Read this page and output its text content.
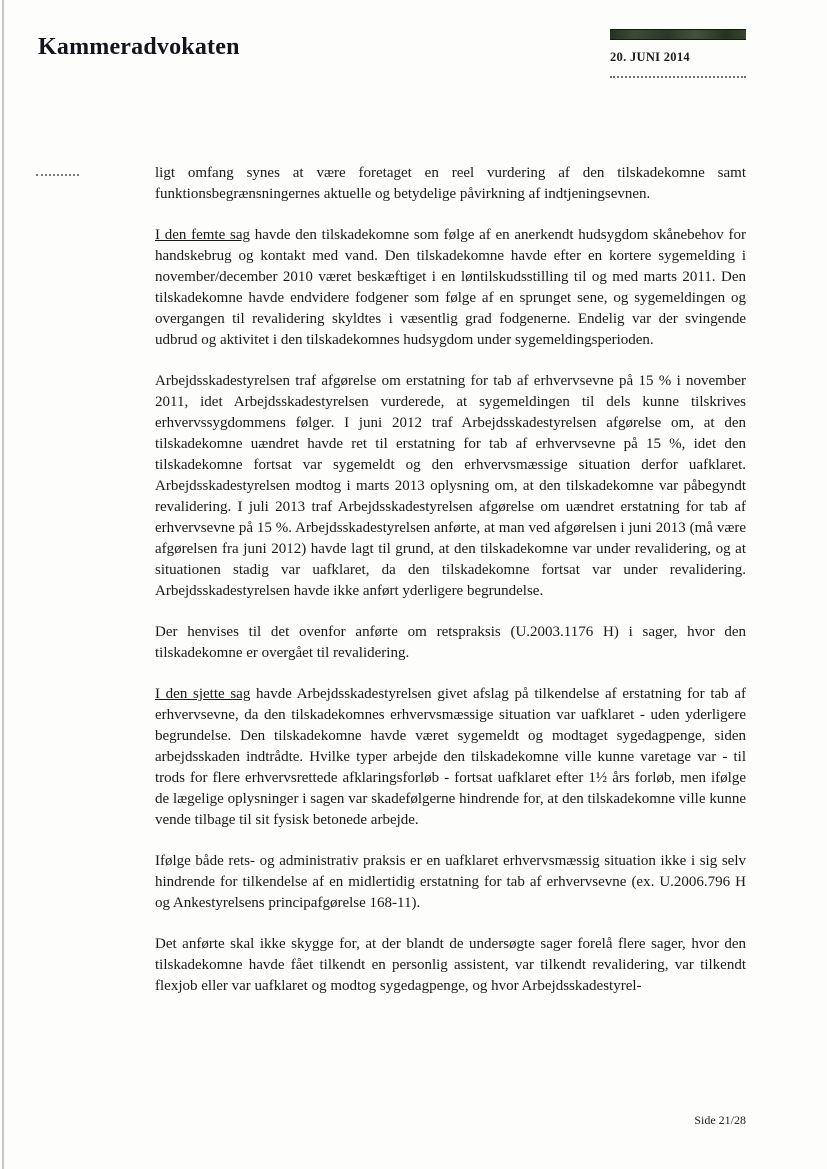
Kammeradvokaten	20. JUNI 2014

ligt omfang synes at være foretaget en reel vurdering af den tilskadekomne samt funktionsbegrænsningernes aktuelle og betydelige påvirkning af indtjeningsevnen.

I den femte sag havde den tilskadekomne som følge af en anerkendt hudsygdom skånebehov for handskebrug og kontakt med vand. Den tilskadekomne havde efter en kortere sygemelding i november/december 2010 været beskæftiget i en løntilskudsstilling til og med marts 2011. Den tilskadekomne havde endvidere fodgener som følge af en sprunget sene, og sygemeldingen og overgangen til revalidering skyldtes i væsentlig grad fodgenerne. Endelig var der svingende udbrud og aktivitet i den tilskadekomnes hudsygdom under sygemeldingsperioden.

Arbejdsskadestyrelsen traf afgørelse om erstatning for tab af erhvervsevne på 15 % i november 2011, idet Arbejdsskadestyrelsen vurderede, at sygemeldingen til dels kunne tilskrives erhvervssygdommens følger. I juni 2012 traf Arbejdsskadestyrelsen afgørelse om, at den tilskadekomne uændret havde ret til erstatning for tab af erhvervsevne på 15 %, idet den tilskadekomne fortsat var sygemeldt og den erhvervsmæssige situation derfor uafklaret. Arbejdsskadestyrelsen modtog i marts 2013 oplysning om, at den tilskadekomne var påbegyndt revalidering. I juli 2013 traf Arbejdsskadestyrelsen afgørelse om uændret erstatning for tab af erhvervsevne på 15 %. Arbejdsskadestyrelsen anførte, at man ved afgørelsen i juni 2013 (må være afgørelsen fra juni 2012) havde lagt til grund, at den tilskadekomne var under revalidering, og at situationen stadig var uafklaret, da den tilskadekomne fortsat var under revalidering. Arbejdsskadestyrelsen havde ikke anført yderligere begrundelse.

Der henvises til det ovenfor anførte om retspraksis (U.2003.1176 H) i sager, hvor den tilskadekomne er overgået til revalidering.

I den sjette sag havde Arbejdsskadestyrelsen givet afslag på tilkendelse af erstatning for tab af erhvervsevne, da den tilskadekomnes erhvervsmæssige situation var uafklaret - uden yderligere begrundelse. Den tilskadekomne havde været sygemeldt og modtaget sygedagpenge, siden arbejdsskaden indtrådte. Hvilke typer arbejde den tilskadekomne ville kunne varetage var - til trods for flere erhvervsrettede afklaringsforløb - fortsat uafklaret efter 1½ års forløb, men ifølge de lægelige oplysninger i sagen var skadefølgerne hindrende for, at den tilskadekomne ville kunne vende tilbage til sit fysisk betonede arbejde.

Ifølge både rets- og administrativ praksis er en uafklaret erhvervsmæssig situation ikke i sig selv hindrende for tilkendelse af en midlertidig erstatning for tab af erhvervsevne (ex. U.2006.796 H og Ankestyrelsens principafgørelse 168-11).

Det anførte skal ikke skygge for, at der blandt de undersøgte sager forelå flere sager, hvor den tilskadekomne havde fået tilkendt en personlig assistent, var tilkendt revalidering, var tilkendt flexjob eller var uafklaret og modtog sygedagpenge, og hvor Arbejdsskadestyrel-

Side 21/28
